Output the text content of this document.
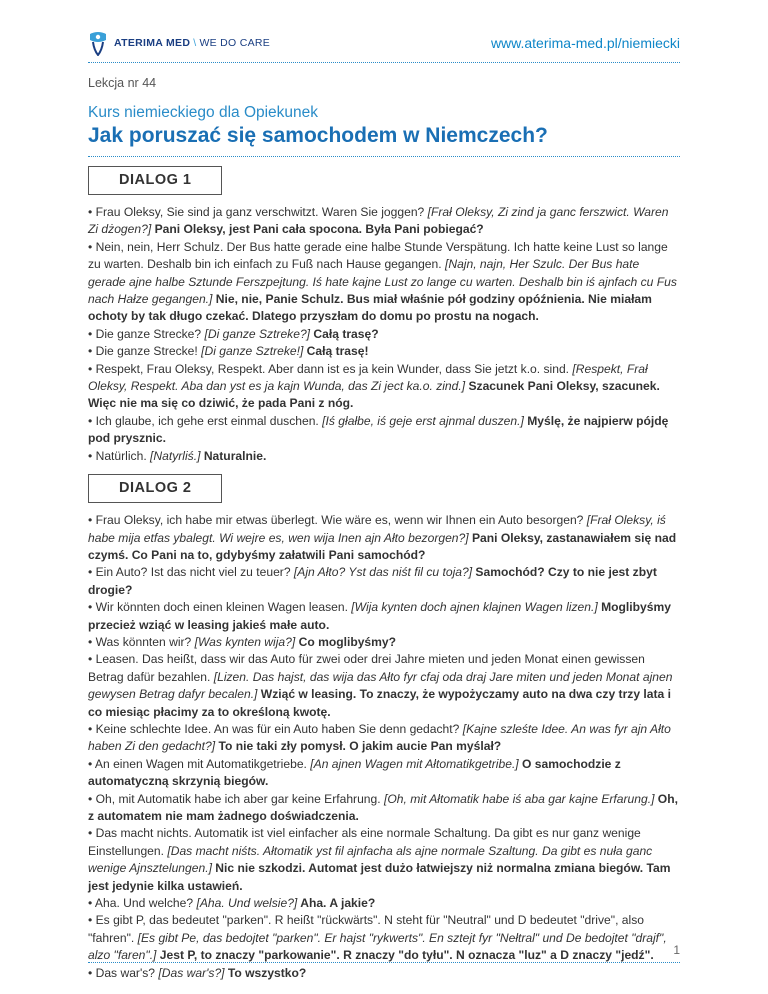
ATERIMA MED \ WE DO CARE	www.aterima-med.pl/niemiecki
Lekcja nr 44
Kurs niemieckiego dla Opiekunek
Jak poruszać się samochodem w Niemczech?
DIALOG 1

• Frau Oleksy, Sie sind ja ganz verschwitzt. Waren Sie joggen? [Frał Oleksy, Zi zind ja ganc ferszwict. Waren Zi dżogen?] Pani Oleksy, jest Pani cała spocona. Była Pani pobiegać?

• Nein, nein, Herr Schulz. Der Bus hatte gerade eine halbe Stunde Verspätung. Ich hatte keine Lust so lange zu warten. Deshalb bin ich einfach zu Fuß nach Hause gegangen. [Najn, najn, Her Szulc. Der Bus hate gerade ajne halbe Sztunde Ferszpejtung. Iś hate kajne Lust zo lange cu warten. Deshalb bin iś ajnfach cu Fus nach Hałze gegangen.] Nie, nie, Panie Schulz. Bus miał właśnie pół godziny opóźnienia. Nie miałam ochoty by tak długo czekać. Dlatego przyszłam do domu po prostu na nogach.

• Die ganze Strecke? [Di ganze Sztreke?] Całą trasę?

• Die ganze Strecke! [Di ganze Sztreke!] Całą trasę!

• Respekt, Frau Oleksy, Respekt. Aber dann ist es ja kein Wunder, dass Sie jetzt k.o. sind. [Respekt, Frał Oleksy, Respekt. Aba dan yst es ja kajn Wunda, das Zi ject ka.o. zind.] Szacunek Pani Oleksy, szacunek. Więc nie ma się co dziwić, że pada Pani z nóg.

• Ich glaube, ich gehe erst einmal duschen. [Iś głałbe, iś geje erst ajnmal duszen.] Myślę, że najpierw pójdę pod prysznic.

• Natürlich. [Natyrliś.] Naturalnie.

DIALOG 2

• Frau Oleksy, ich habe mir etwas überlegt. Wie wäre es, wenn wir Ihnen ein Auto besorgen? [Frał Oleksy, iś habe mija etfas ybalegt. Wi wejre es, wen wija Inen ajn Ałto bezorgen?] Pani Oleksy, zastanawiałem się nad czymś. Co Pani na to, gdybyśmy załatwili Pani samochód?

• Ein Auto? Ist das nicht viel zu teuer? [Ajn Ałto? Yst das niśt fil cu toja?] Samochód? Czy to nie jest zbyt drogie?

• Wir könnten doch einen kleinen Wagen leasen. [Wija kynten doch ajnen klajnen Wagen lizen.] Moglibyśmy przecież wziąć w leasing jakieś małe auto.

• Was könnten wir? [Was kynten wija?] Co moglibyśmy?

• Leasen. Das heißt, dass wir das Auto für zwei oder drei Jahre mieten und jeden Monat einen gewissen Betrag dafür bezahlen. [Lizen. Das hajst, das wija das Ałto fyr cfaj oda draj Jare miten und jeden Monat ajnen gewysen Betrag dafyr becalen.] Wziąć w leasing. To znaczy, że wypożyczamy auto na dwa czy trzy lata i co miesiąc płacimy za to określoną kwotę.

• Keine schlechte Idee. An was für ein Auto haben Sie denn gedacht? [Kajne szleśte Idee. An was fyr ajn Ałto haben Zi den gedacht?] To nie taki zły pomysł. O jakim aucie Pan myślał?

• An einen Wagen mit Automatikgetriebe. [An ajnen Wagen mit Ałtomatikgetribe.] O samochodzie z automatyczną skrzynią biegów.

• Oh, mit Automatik habe ich aber gar keine Erfahrung. [Oh, mit Ałtomatik habe iś aba gar kajne Erfarung.] Oh, z automatem nie mam żadnego doświadczenia.

• Das macht nichts. Automatik ist viel einfacher als eine normale Schaltung. Da gibt es nur ganz wenige Einstellungen. [Das macht niśts. Ałtomatik yst fil ajnfacha als ajne normale Szaltung. Da gibt es nuła ganc wenige Ajnsztelungen.] Nic nie szkodzi. Automat jest dużo łatwiejszy niż normalna zmiana biegów. Tam jest jedynie kilka ustawień.

• Aha. Und welche? [Aha. Und welsie?] Aha. A jakie?

• Es gibt P, das bedeutet "parken". R heißt "rückwärts". N steht für "Neutral" und D bedeutet "drive", also "fahren". [Es gibt Pe, das bedojtet "parken". Er hajst "rykwerts". En sztejt fyr "Nełtral" und De bedojtet "drajf", alzo "faren".] Jest P, to znaczy "parkowanie". R znaczy "do tyłu". N oznacza "luz" a D znaczy "jedź".

• Das war's? [Das war's?] To wszystko?

1
